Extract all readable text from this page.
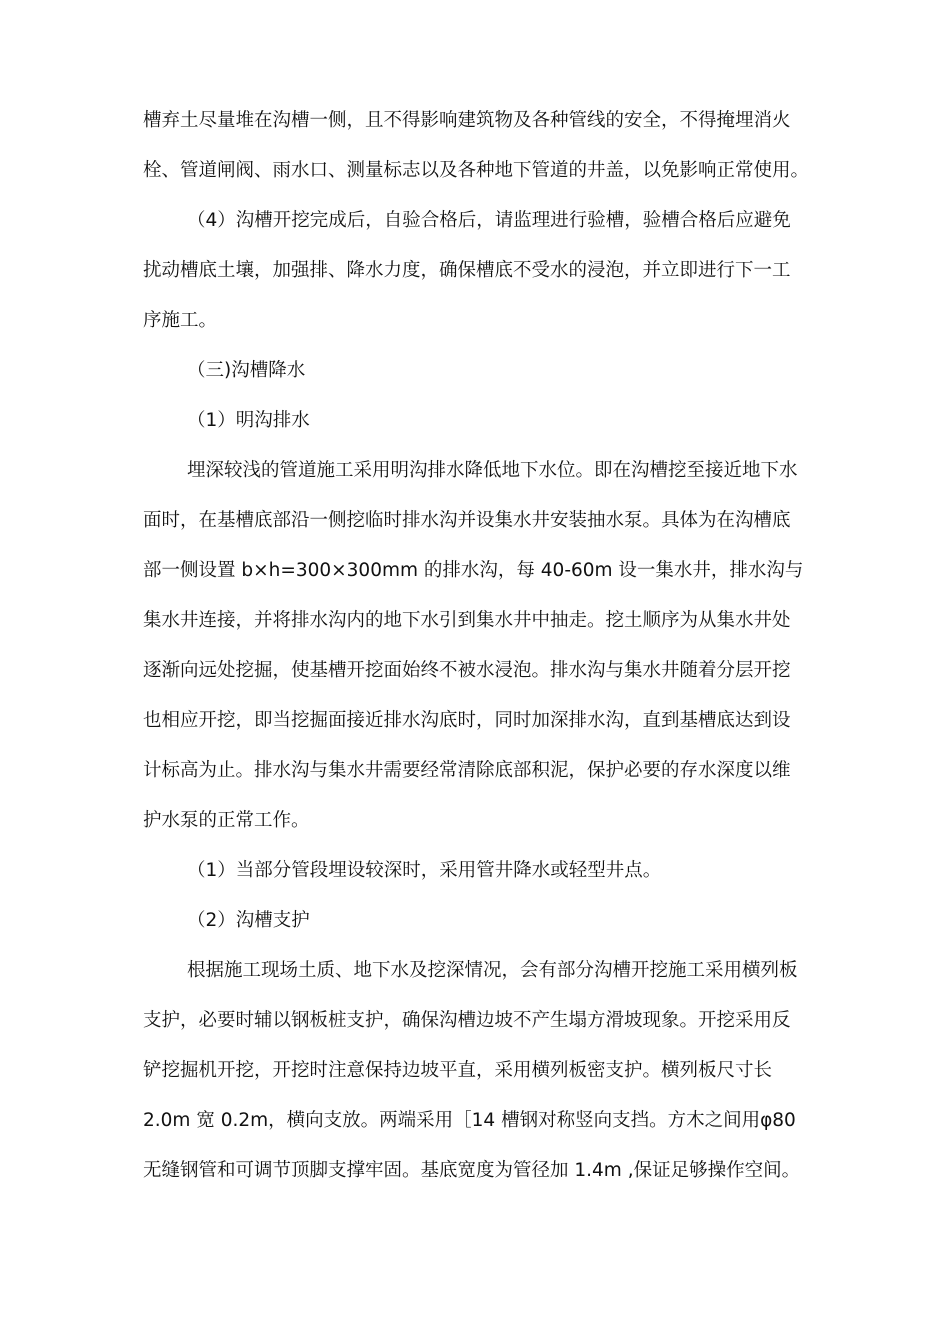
槽弃土尽量堆在沟槽一侧，且不得影响建筑物及各种管线的安全，不得掩埋消火
栓、管道闸阀、雨水口、测量标志以及各种地下管道的井盖，以免影响正常使用。
（4）沟槽开挖完成后，自验合格后，请监理进行验槽，验槽合格后应避免
扰动槽底土壤，加强排、降水力度，确保槽底不受水的浸泡，并立即进行下一工
序施工。
（三)沟槽降水
（1）明沟排水
埋深较浅的管道施工采用明沟排水降低地下水位。即在沟槽挖至接近地下水
面时，在基槽底部沿一侧挖临时排水沟并设集水井安装抽水泵。具体为在沟槽底
部一侧设置 b×h=300×300mm 的排水沟，每 40-60m 设一集水井，排水沟与
集水井连接，并将排水沟内的地下水引到集水井中抽走。挖土顺序为从集水井处
逐渐向远处挖掘，使基槽开挖面始终不被水浸泡。排水沟与集水井随着分层开挖
也相应开挖，即当挖掘面接近排水沟底时，同时加深排水沟，直到基槽底达到设
计标高为止。排水沟与集水井需要经常清除底部积泥，保护必要的存水深度以维
护水泵的正常工作。
（1）当部分管段埋设较深时，采用管井降水或轻型井点。
（2）沟槽支护
根据施工现场土质、地下水及挖深情况，会有部分沟槽开挖施工采用横列板
支护，必要时辅以钢板桩支护，确保沟槽边坡不产生塌方滑坡现象。开挖采用反
铲挖掘机开挖，开挖时注意保持边坡平直，采用横列板密支护。横列板尺寸长
2.0m 宽 0.2m，横向支放。两端采用［14 槽钢对称竖向支挡。方木之间用φ80
无缝钢管和可调节顶脚支撑牢固。基底宽度为管径加 1.4m ,保证足够操作空间。
